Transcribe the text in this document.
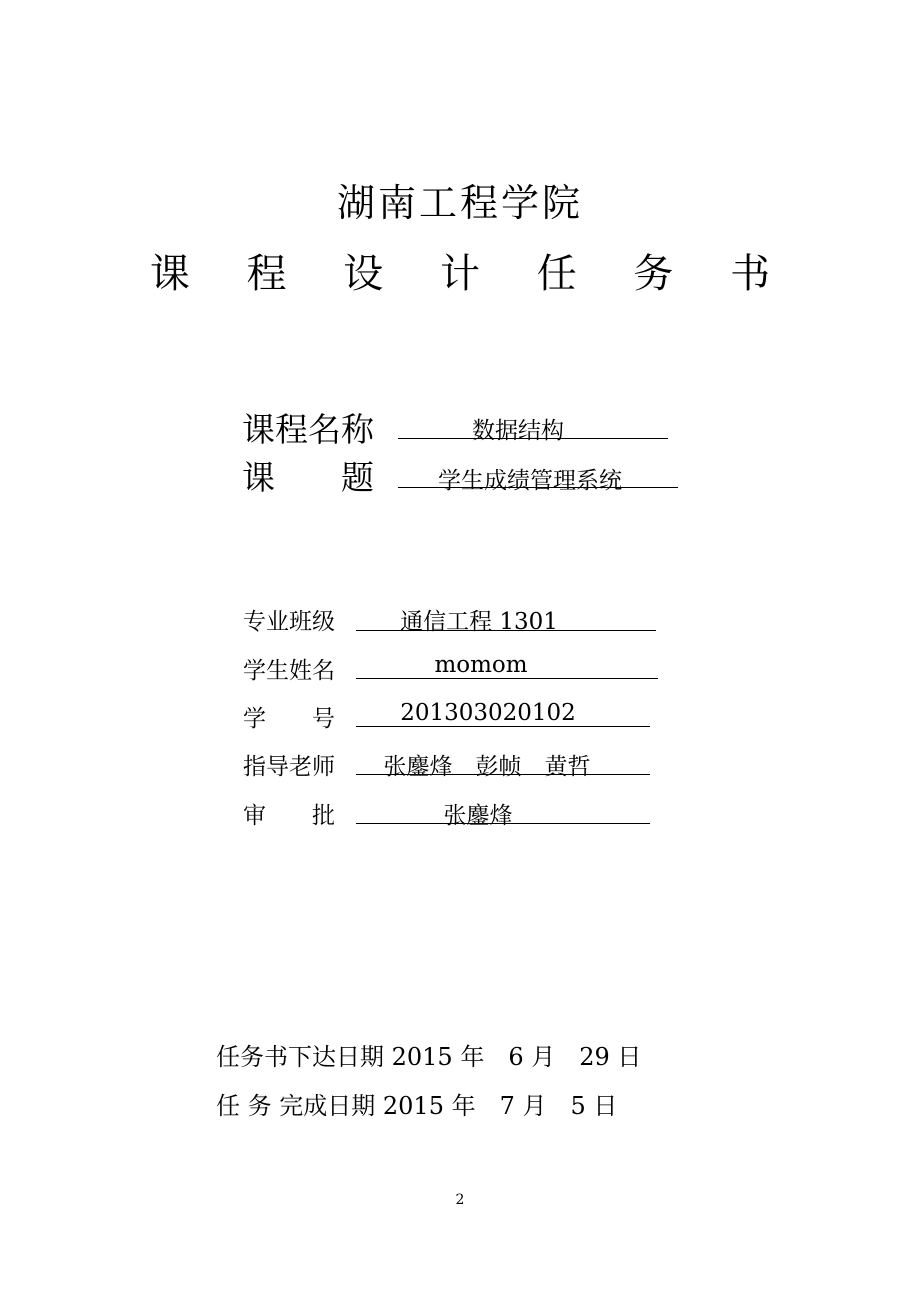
湖南工程学院
课 程 设 计 任 务 书
课程名称	数据结构
课　　题	学生成绩管理系统
专业班级	通信工程 1301
学生姓名	momom
学　　号	201303020102
指导老师	张鏖烽　彭帧　黄哲
审　　批	张鏖烽
任务书下达日期 2015 年　6 月　29 日
任 务 完成日期 2015 年　7 月　5 日
2
